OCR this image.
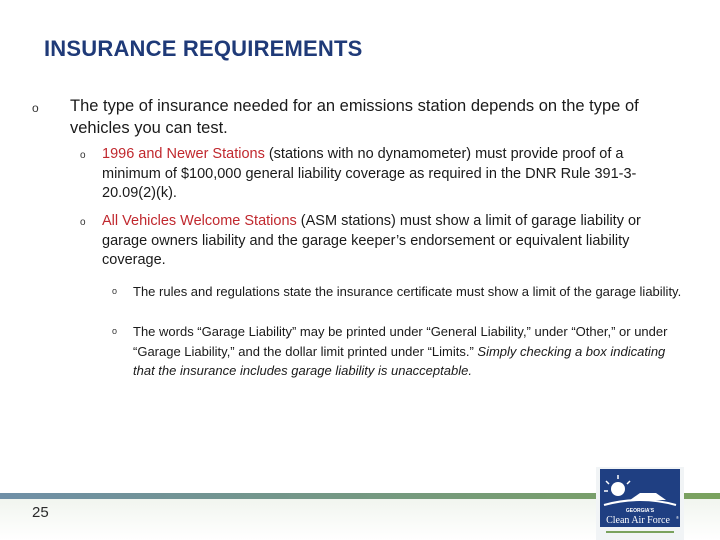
INSURANCE REQUIREMENTS
o	The type of insurance needed for an emissions station depends on the type of vehicles you can test.
o	1996 and Newer Stations (stations with no dynamometer) must provide proof of a minimum of $100,000 general liability coverage as required in the DNR Rule 391-3-20.09(2)(k).
o	All Vehicles Welcome Stations (ASM stations) must show a limit of garage liability or garage owners liability and the garage keeper’s endorsement or equivalent liability coverage.
o	The rules and regulations state the insurance certificate must show a limit of the garage liability.
o	The words “Garage Liability” may be printed under “General Liability,” under “Other,” or under “Garage Liability,” and the dollar limit printed under “Limits.” Simply checking a box indicating that the insurance includes garage liability is unacceptable.
25	GEORGIA'S
Clean Air Force ®
